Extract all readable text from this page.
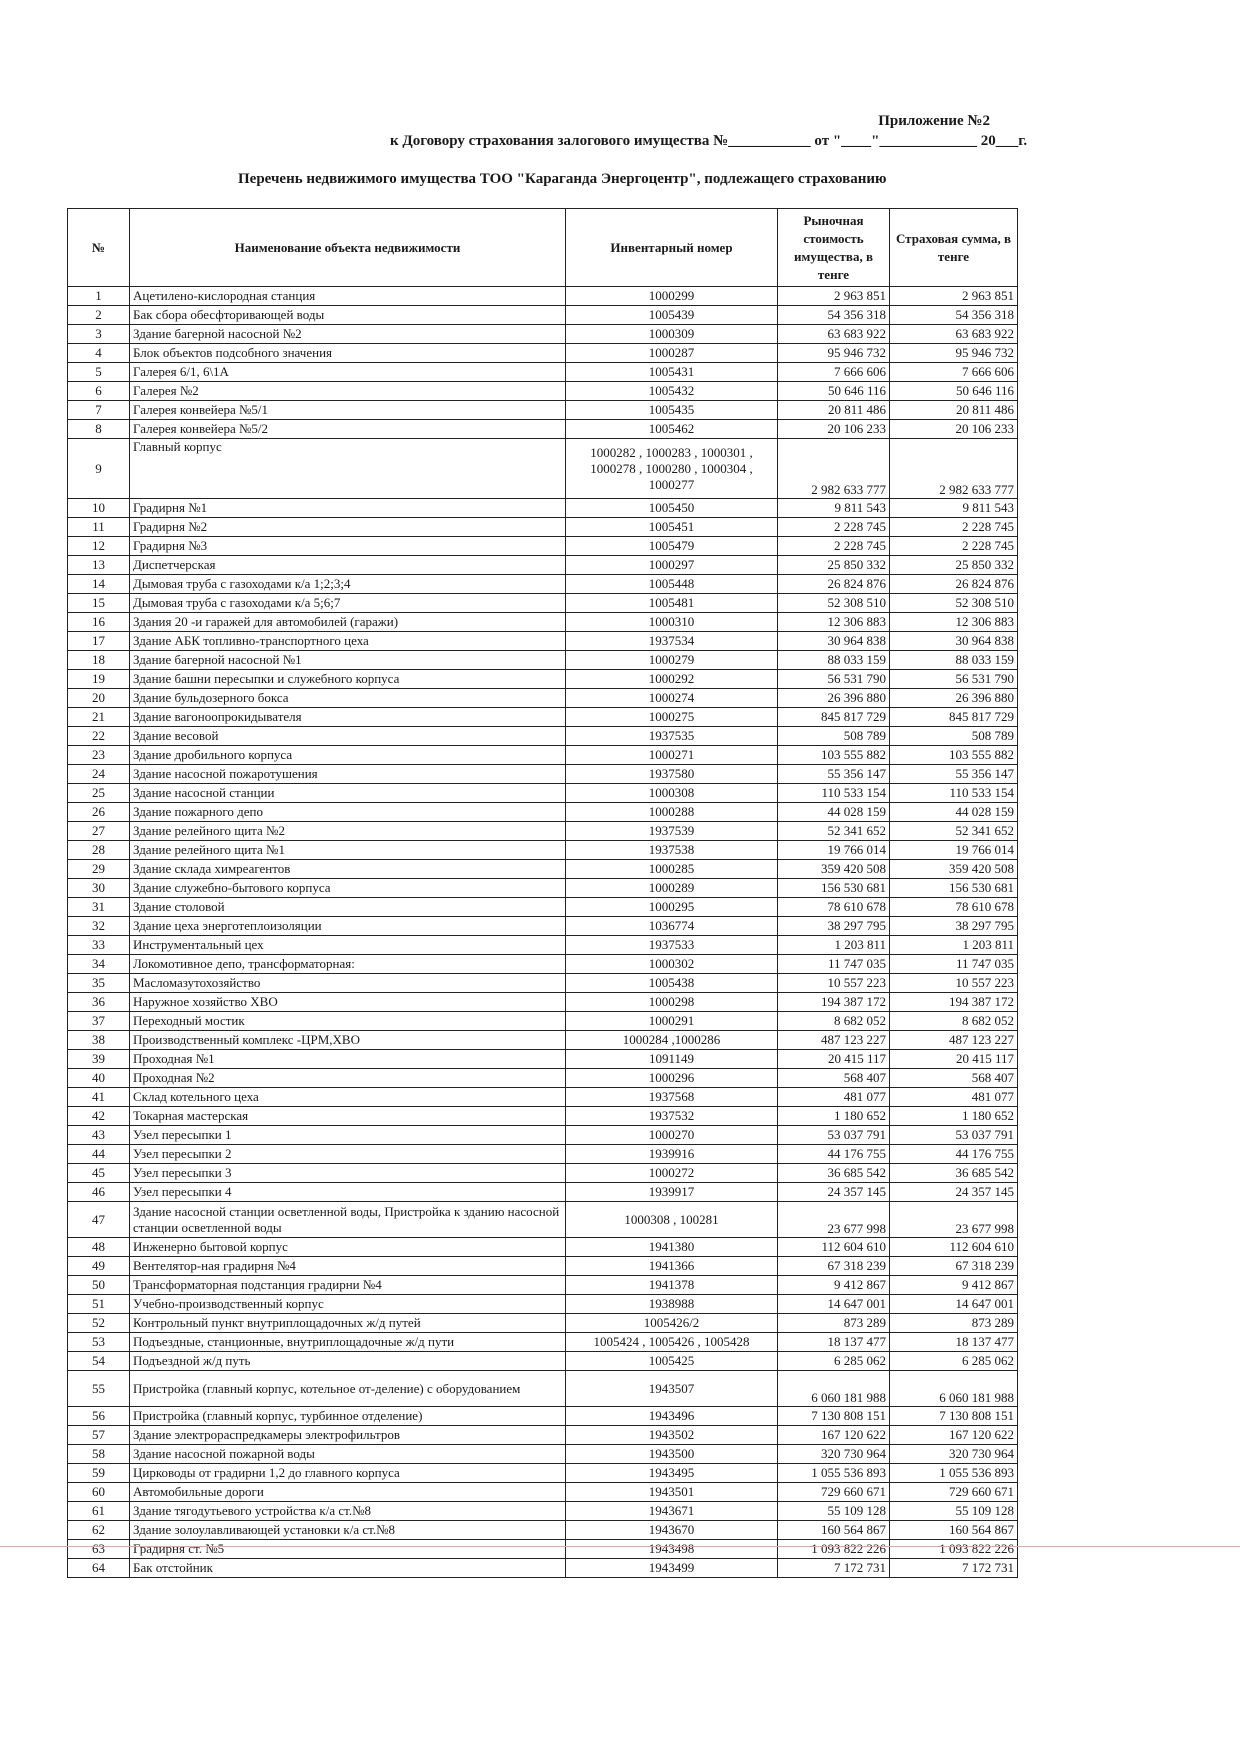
Приложение №2
к Договору страхования залогового имущества №___________ от "____"_____________ 20___г.
Перечень недвижимого имущества ТОО "Караганда Энергоцентр", подлежащего страхованию
№	Наименование объекта недвижимости	Инвентарный номер	Рыночная стоимость имущества, в тенге	Страховая сумма, в тенге
1	Ацетилено-кислородная станция	1000299	2 963 851	2 963 851
2	Бак сбора обесфторивающей воды	1005439	54 356 318	54 356 318
3	Здание багерной насосной №2	1000309	63 683 922	63 683 922
4	Блок объектов подсобного значения	1000287	95 946 732	95 946 732
5	Галерея 6/1, 6\1А	1005431	7 666 606	7 666 606
6	Галерея №2	1005432	50 646 116	50 646 116
7	Галерея конвейера №5/1	1005435	20 811 486	20 811 486
8	Галерея конвейера №5/2	1005462	20 106 233	20 106 233
9	Главный корпус	1000282 , 1000283 , 1000301 , 1000278 , 1000280 , 1000304 , 1000277	2 982 633 777	2 982 633 777
10	Градирня №1	1005450	9 811 543	9 811 543
11	Градирня №2	1005451	2 228 745	2 228 745
12	Градирня №3	1005479	2 228 745	2 228 745
13	Диспетчерская	1000297	25 850 332	25 850 332
14	Дымовая труба с газоходами к/а 1;2;3;4	1005448	26 824 876	26 824 876
15	Дымовая труба с газоходами к/а 5;6;7	1005481	52 308 510	52 308 510
16	Здания 20 -и гаражей для автомобилей (гаражи)	1000310	12 306 883	12 306 883
17	Здание АБК топливно-транспортного цеха	1937534	30 964 838	30 964 838
18	Здание багерной насосной №1	1000279	88 033 159	88 033 159
19	Здание башни пересыпки и служебного корпуса	1000292	56 531 790	56 531 790
20	Здание бульдозерного бокса	1000274	26 396 880	26 396 880
21	Здание вагоноопрокидывателя	1000275	845 817 729	845 817 729
22	Здание весовой	1937535	508 789	508 789
23	Здание дробильного корпуса	1000271	103 555 882	103 555 882
24	Здание насосной пожаротушения	1937580	55 356 147	55 356 147
25	Здание насосной станции	1000308	110 533 154	110 533 154
26	Здание пожарного депо	1000288	44 028 159	44 028 159
27	Здание релейного щита №2	1937539	52 341 652	52 341 652
28	Здание релейного щита №1	1937538	19 766 014	19 766 014
29	Здание склада химреагентов	1000285	359 420 508	359 420 508
30	Здание служебно-бытового корпуса	1000289	156 530 681	156 530 681
31	Здание столовой	1000295	78 610 678	78 610 678
32	Здание цеха энерготеплоизоляции	1036774	38 297 795	38 297 795
33	Инструментальный цех	1937533	1 203 811	1 203 811
34	Локомотивное депо, трансформаторная:	1000302	11 747 035	11 747 035
35	Масломазутохозяйство	1005438	10 557 223	10 557 223
36	Наружное хозяйство ХВО	1000298	194 387 172	194 387 172
37	Переходный мостик	1000291	8 682 052	8 682 052
38	Производственный комплекс -ЦРМ,ХВО	1000284 ,1000286	487 123 227	487 123 227
39	Проходная №1	1091149	20 415 117	20 415 117
40	Проходная №2	1000296	568 407	568 407
41	Склад котельного цеха	1937568	481 077	481 077
42	Токарная мастерская	1937532	1 180 652	1 180 652
43	Узел пересыпки 1	1000270	53 037 791	53 037 791
44	Узел пересыпки 2	1939916	44 176 755	44 176 755
45	Узел пересыпки 3	1000272	36 685 542	36 685 542
46	Узел пересыпки 4	1939917	24 357 145	24 357 145
47	Здание насосной станции осветленной воды, Пристройка к зданию насосной станции осветленной воды	1000308 , 100281	23 677 998	23 677 998
48	Инженерно бытовой корпус	1941380	112 604 610	112 604 610
49	Вентелятор-ная градирня №4	1941366	67 318 239	67 318 239
50	Трансформаторная подстанция градирни №4	1941378	9 412 867	9 412 867
51	Учебно-производственный корпус	1938988	14 647 001	14 647 001
52	Контрольный пункт внутриплощадочных ж/д путей	1005426/2	873 289	873 289
53	Подъездные, станционные, внутриплощадочные ж/д пути	1005424 , 1005426 , 1005428	18 137 477	18 137 477
54	Подъездной ж/д путь	1005425	6 285 062	6 285 062
55	Пристройка (главный корпус, котельное от-деление) с оборудованием	1943507	6 060 181 988	6 060 181 988
56	Пристройка (главный корпус, турбинное отделение)	1943496	7 130 808 151	7 130 808 151
57	Здание электрораспредкамеры электрофильтров	1943502	167 120 622	167 120 622
58	Здание насосной пожарной воды	1943500	320 730 964	320 730 964
59	Цирководы от градирни 1,2 до главного корпуса	1943495	1 055 536 893	1 055 536 893
60	Автомобильные дороги	1943501	729 660 671	729 660 671
61	Здание тягодутьевого устройства к/а ст.№8	1943671	55 109 128	55 109 128
62	Здание золоулавливающей установки к/а ст.№8	1943670	160 564 867	160 564 867
63	Градирня ст. №5	1943498	1 093 822 226	1 093 822 226
64	Бак отстойник	1943499	7 172 731	7 172 731
